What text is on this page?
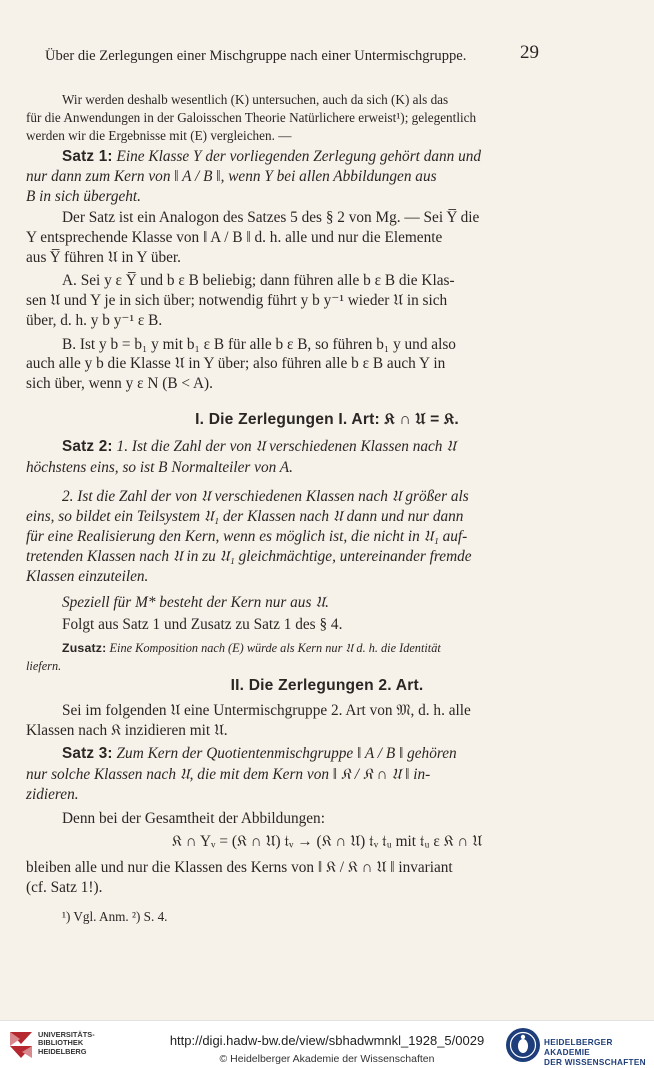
Über die Zerlegungen einer Mischgruppe nach einer Untermischgruppe.	29
Wir werden deshalb wesentlich (K) untersuchen, auch da sich (K) als das
für die Anwendungen in der Galoisschen Theorie Natürlichere erweist¹); gelegentlich
werden wir die Ergebnisse mit (E) vergleichen. —
Satz 1: Eine Klasse Y der vorliegenden Zerlegung gehört dann und
nur dann zum Kern von ‖ A / B ‖, wenn Y bei allen Abbildungen aus
B in sich übergeht.
Der Satz ist ein Analogon des Satzes 5 des § 2 von Mg. — Sei Y̅ die
Y entsprechende Klasse von ‖ A / B ‖ d. h. alle und nur die Elemente
aus Y̅ führen 𝔘 in Y über.
A. Sei y ε Y̅ und b ε B beliebig; dann führen alle b ε B die Klas-
sen 𝔘 und Y je in sich über; notwendig führt y b y⁻¹ wieder 𝔘 in sich
über, d. h. y b y⁻¹ ε B.
B. Ist y b = b₁ y mit b₁ ε B für alle b ε B, so führen b₁ y und also
auch alle y b die Klasse 𝔘 in Y über; also führen alle b ε B auch Y in
sich über, wenn y ε N (B < A).
I. Die Zerlegungen I. Art: 𝔎 ∩ 𝔘 = 𝔎.
Satz 2: 1. Ist die Zahl der von 𝔘 verschiedenen Klassen nach 𝔘
höchstens eins, so ist B Normalteiler von A.
2. Ist die Zahl der von 𝔘 verschiedenen Klassen nach 𝔘 größer als
eins, so bildet ein Teilsystem 𝔘₁ der Klassen nach 𝔘 dann und nur dann
für eine Realisierung den Kern, wenn es möglich ist, die nicht in 𝔘₁ auf-
tretenden Klassen nach 𝔘 in zu 𝔘₁ gleichmächtige, untereinander fremde
Klassen einzuteilen.
Speziell für M* besteht der Kern nur aus 𝔘.
Folgt aus Satz 1 und Zusatz zu Satz 1 des § 4.
Zusatz: Eine Komposition nach (E) würde als Kern nur 𝔘 d. h. die Identität
liefern.
II. Die Zerlegungen 2. Art.
Sei im folgenden 𝔘 eine Untermischgruppe 2. Art von 𝔐, d. h. alle
Klassen nach 𝔎 inzidieren mit 𝔘.
Satz 3: Zum Kern der Quotientenmischgruppe ‖ A / B ‖ gehören
nur solche Klassen nach 𝔘, die mit dem Kern von ‖ 𝔎 / 𝔎 ∩ 𝔘 ‖ in-
zidieren.
Denn bei der Gesamtheit der Abbildungen:
𝔎 ∩ Yᵥ = (𝔎 ∩ 𝔘) 𝔱ᵥ → (𝔎 ∩ 𝔘) 𝔱ᵥ 𝔱ᵤ mit 𝔱ᵤ ε 𝔎 ∩ 𝔘
bleiben alle und nur die Klassen des Kerns von ‖ 𝔎 / 𝔎 ∩ 𝔘 ‖ invariant
(cf. Satz 1!).
¹) Vgl. Anm. ²) S. 4.
UNIVERSITÄTS-
BIBLIOTHEK
HEIDELBERG
http://digi.hadw-bw.de/view/sbhadwmnkl_1928_5/0029
© Heidelberger Akademie der Wissenschaften
HEIDELBERGER AKADEMIE
DER WISSENSCHAFTEN
